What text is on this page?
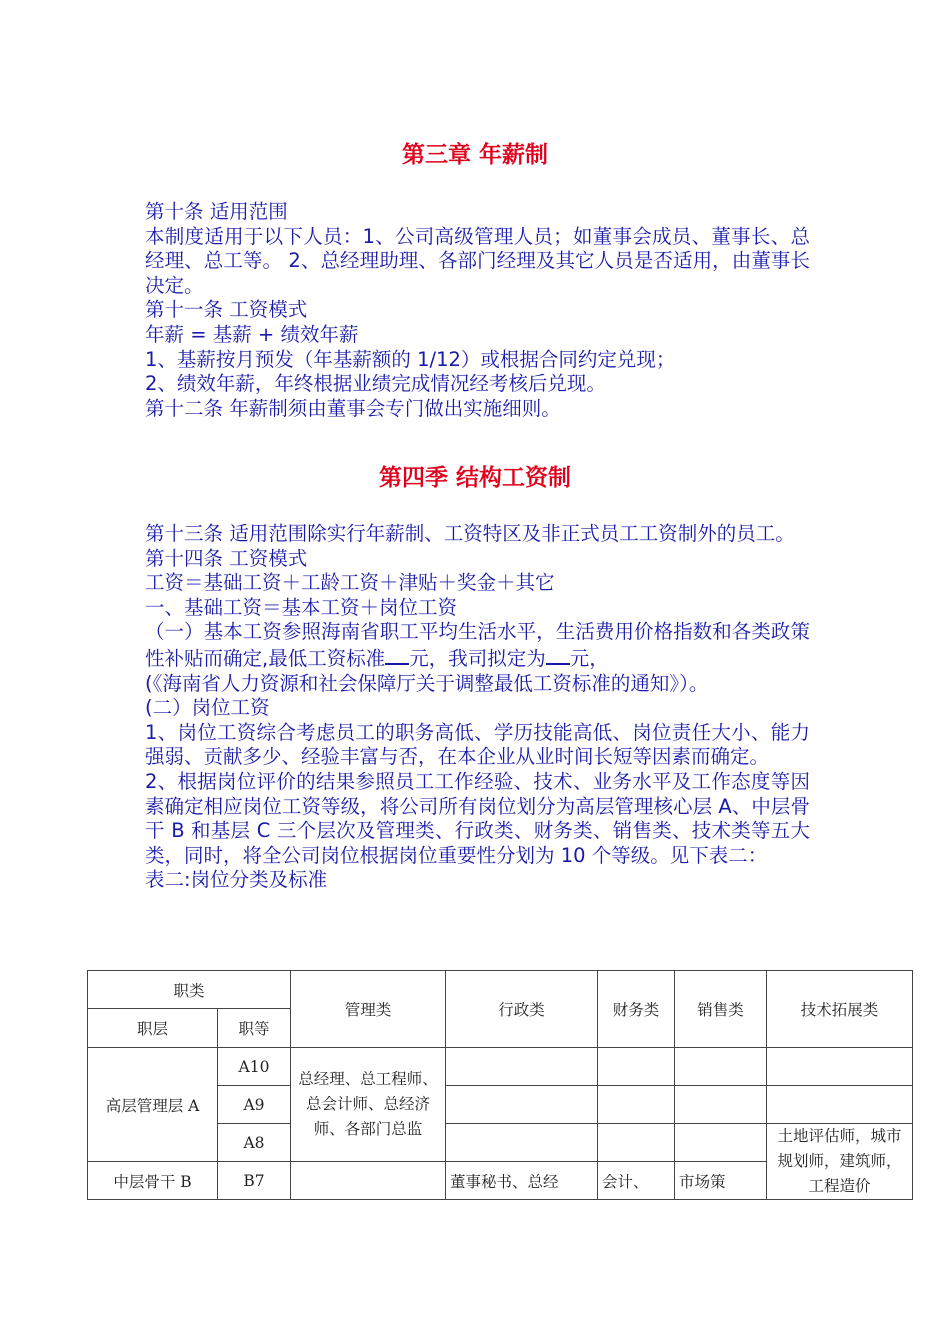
第三章 年薪制

第十条 适用范围

本制度适用于以下人员：1、公司高级管理人员；如董事会成员、董事长、总经理、总工等。 2、总经理助理、各部门经理及其它人员是否适用，由董事长决定。

第十一条 工资模式

年薪 = 基薪 + 绩效年薪

1、基薪按月预发（年基薪额的 1/12）或根据合同约定兑现；

2、绩效年薪，年终根据业绩完成情况经考核后兑现。

第十二条 年薪制须由董事会专门做出实施细则。

第四季 结构工资制

第十三条 适用范围除实行年薪制、工资特区及非正式员工工资制外的员工。

第十四条 工资模式

工资＝基础工资＋工龄工资＋津贴＋奖金＋其它

一、基础工资＝基本工资＋岗位工资

（一）基本工资参照海南省职工平均生活水平，生活费用价格指数和各类政策性补贴而确定,最低工资标准 元，我司拟定为 元，

(《海南省人力资源和社会保障厅关于调整最低工资标准的通知》）。

(二）岗位工资

1、岗位工资综合考虑员工的职务高低、学历技能高低、岗位责任大小、能力强弱、贡献多少、经验丰富与否，在本企业从业时间长短等因素而确定。

2、根据岗位评价的结果参照员工工作经验、技术、业务水平及工作态度等因素确定相应岗位工资等级，将公司所有岗位划分为高层管理核心层 A、中层骨干 B 和基层 C 三个层次及管理类、行政类、财务类、销售类、技术类等五大类，同时，将全公司岗位根据岗位重要性分划为 10 个等级。见下表二：

表二:岗位分类及标准

职类		管理类	行政类	财务类	销售类	技术拓展类
职层	职等					
高层管理层 A	A10	总经理、总工程师、总会计师、总经济师、各部门总监				
	A9					
	A8					土地评估师，城市规划师，建筑师，工程造价
中层骨干 B	B7		董事秘书、总经	会计、	市场策	
